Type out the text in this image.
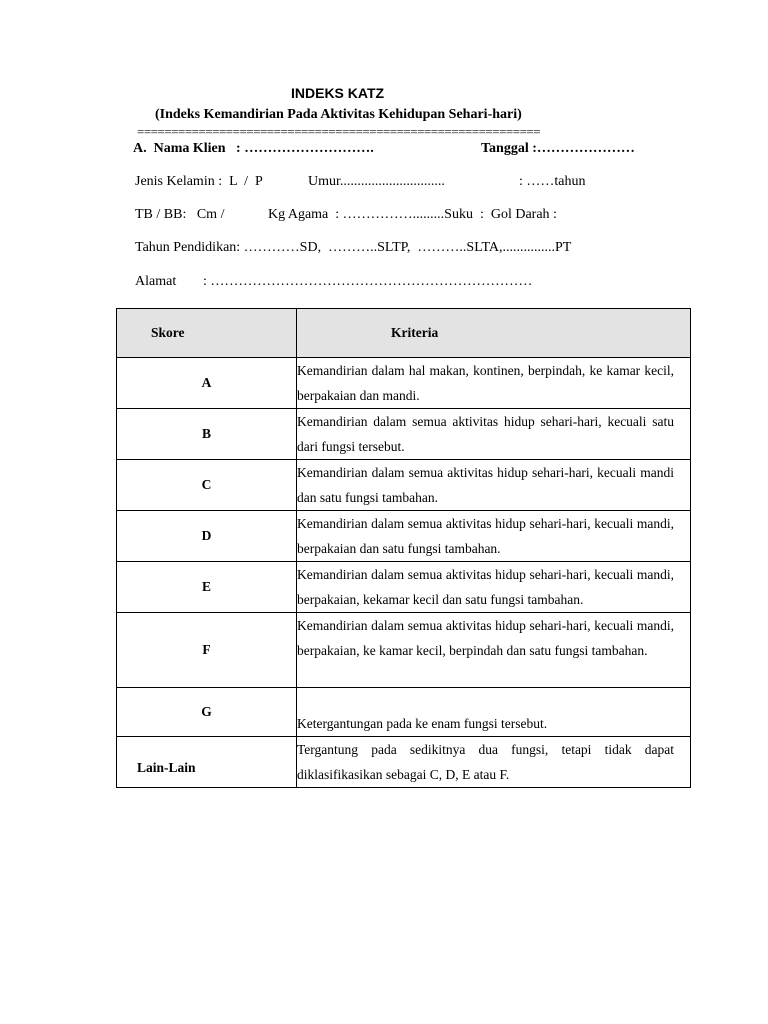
INDEKS KATZ
(Indeks Kemandirian Pada Aktivitas Kehidupan Sehari-hari)
===========================================================
A.  Nama Klien   : ……………………….	Tanggal :…………………
Jenis Kelamin :  L  /  P	Umur..............................	: ……tahun
TB / BB:   Cm /	Kg Agama  : …………….........Suku  :  Gol Darah :
Tahun Pendidikan: …………SD,  ………..SLTP,  ………..SLTA,...............PT
Alamat : ……………………………………………………………
Skore	Kriteria
A	Kemandirian dalam hal makan, kontinen, berpindah, ke kamar kecil, berpakaian dan mandi.
B	Kemandirian dalam semua aktivitas hidup sehari-hari, kecuali satu dari fungsi tersebut.
C	Kemandirian dalam semua aktivitas hidup sehari-hari, kecuali mandi dan satu fungsi tambahan.
D	Kemandirian dalam semua aktivitas hidup sehari-hari, kecuali mandi, berpakaian dan satu fungsi tambahan.
E	Kemandirian dalam semua aktivitas hidup sehari-hari, kecuali mandi, berpakaian, kekamar kecil dan satu fungsi tambahan.
F	Kemandirian dalam semua aktivitas hidup sehari-hari, kecuali mandi, berpakaian, ke kamar kecil, berpindah dan satu fungsi tambahan.
G	Ketergantungan pada ke enam fungsi tersebut.
Lain-Lain	Tergantung pada sedikitnya dua fungsi, tetapi tidak dapat diklasifikasikan sebagai C, D, E atau F.
